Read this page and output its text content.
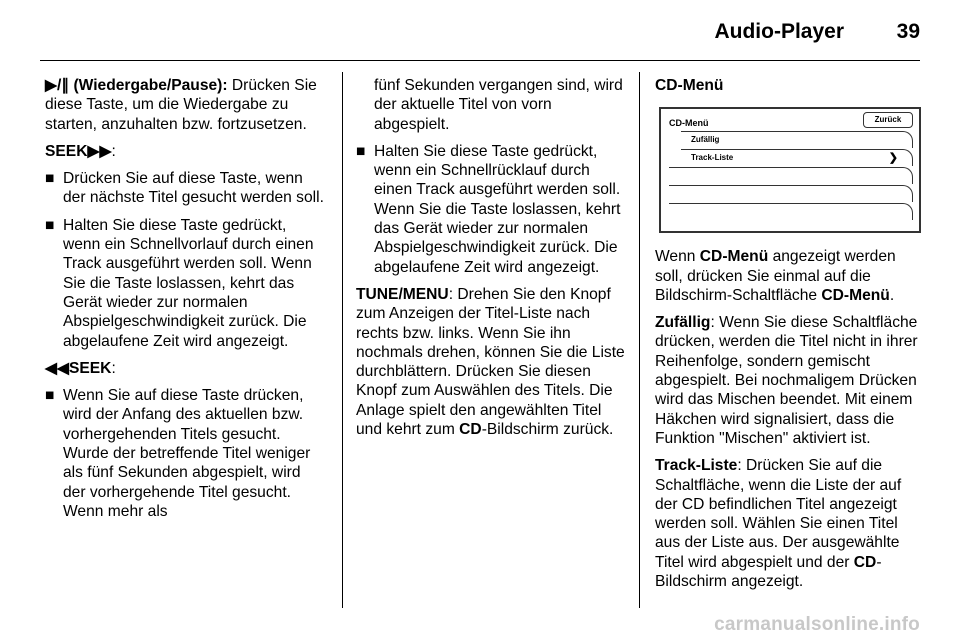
Audio-Player	39

▶/∥ (Wiedergabe/Pause): Drücken Sie diese Taste, um die Wiedergabe zu starten, anzuhalten bzw. fortzusetzen.

SEEK▶▶:

■ Drücken Sie auf diese Taste, wenn der nächste Titel gesucht werden soll.
■ Halten Sie diese Taste gedrückt, wenn ein Schnellvorlauf durch einen Track ausgeführt werden soll. Wenn Sie die Taste loslassen, kehrt das Gerät wieder zur normalen Abspielgeschwindigkeit zurück. Die abgelaufene Zeit wird angezeigt.

◀◀SEEK:

■ Wenn Sie auf diese Taste drücken, wird der Anfang des aktuellen bzw. vorhergehenden Titels gesucht. Wurde der betreffende Titel weniger als fünf Sekunden abgespielt, wird der vorhergehende Titel gesucht. Wenn mehr als
fünf Sekunden vergangen sind, wird der aktuelle Titel von vorn abgespielt.
■ Halten Sie diese Taste gedrückt, wenn ein Schnellrücklauf durch einen Track ausgeführt werden soll. Wenn Sie die Taste loslassen, kehrt das Gerät wieder zur normalen Abspielgeschwindigkeit zurück. Die abgelaufene Zeit wird angezeigt.

TUNE/MENU: Drehen Sie den Knopf zum Anzeigen der Titel-Liste nach rechts bzw. links. Wenn Sie ihn nochmals drehen, können Sie die Liste durchblättern. Drücken Sie diesen Knopf zum Auswählen des Titels. Die Anlage spielt den angewählten Titel und kehrt zum CD-Bildschirm zurück.

CD-Menü

CD-Menü	Zurück
Zufällig
Track-Liste	❯

Wenn CD-Menü angezeigt werden soll, drücken Sie einmal auf die Bildschirm-Schaltfläche CD-Menü.

Zufällig: Wenn Sie diese Schaltfläche drücken, werden die Titel nicht in ihrer Reihenfolge, sondern gemischt abgespielt. Bei nochmaligem Drücken wird das Mischen beendet. Mit einem Häkchen wird signalisiert, dass die Funktion "Mischen" aktiviert ist.

Track-Liste: Drücken Sie auf die Schaltfläche, wenn die Liste der auf der CD befindlichen Titel angezeigt werden soll. Wählen Sie einen Titel aus der Liste aus. Der ausgewählte Titel wird abgespielt und der CD-Bildschirm angezeigt.

carmanualsonline.info
